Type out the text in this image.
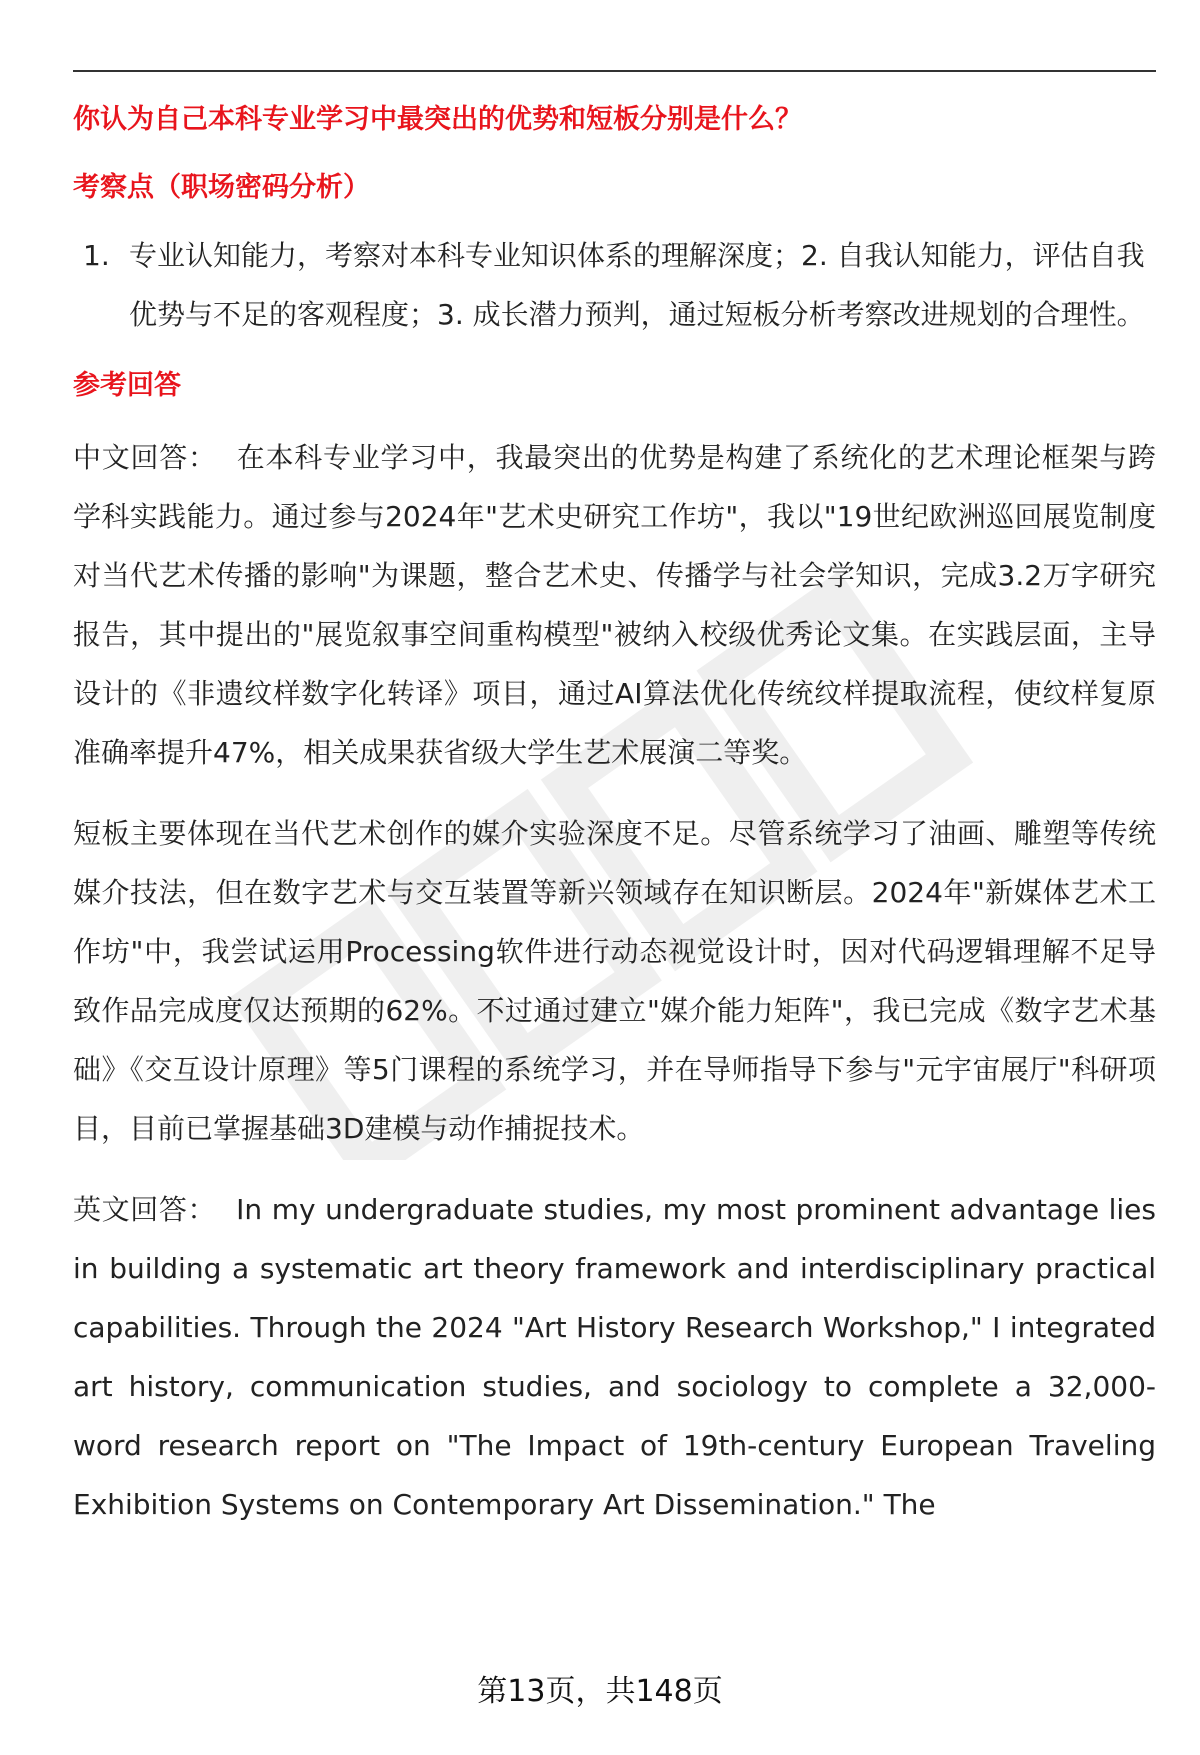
你认为自己本科专业学习中最突出的优势和短板分别是什么？
考察点（职场密码分析）
1. 专业认知能力，考察对本科专业知识体系的理解深度；2. 自我认知能力，评估自我优势与不足的客观程度；3. 成长潜力预判，通过短板分析考察改进规划的合理性。
参考回答

中文回答： 在本科专业学习中，我最突出的优势是构建了系统化的艺术理论框架与跨学科实践能力。通过参与2024年"艺术史研究工作坊"，我以"19世纪欧洲巡回展览制度对当代艺术传播的影响"为课题，整合艺术史、传播学与社会学知识，完成3.2万字研究报告，其中提出的"展览叙事空间重构模型"被纳入校级优秀论文集。在实践层面，主导设计的《非遗纹样数字化转译》项目，通过AI算法优化传统纹样提取流程，使纹样复原准确率提升47%，相关成果获省级大学生艺术展演二等奖。

短板主要体现在当代艺术创作的媒介实验深度不足。尽管系统学习了油画、雕塑等传统媒介技法，但在数字艺术与交互装置等新兴领域存在知识断层。2024年"新媒体艺术工作坊"中，我尝试运用Processing软件进行动态视觉设计时，因对代码逻辑理解不足导致作品完成度仅达预期的62%。不过通过建立"媒介能力矩阵"，我已完成《数字艺术基础》《交互设计原理》等5门课程的系统学习，并在导师指导下参与"元宇宙展厅"科研项目，目前已掌握基础3D建模与动作捕捉技术。

英文回答： In my undergraduate studies, my most prominent advantage lies in building a systematic art theory framework and interdisciplinary practical capabilities. Through the 2024 "Art History Research Workshop," I integrated art history, communication studies, and sociology to complete a 32,000-word research report on "The Impact of 19th-century European Traveling Exhibition Systems on Contemporary Art Dissemination." The

第13页，共148页
